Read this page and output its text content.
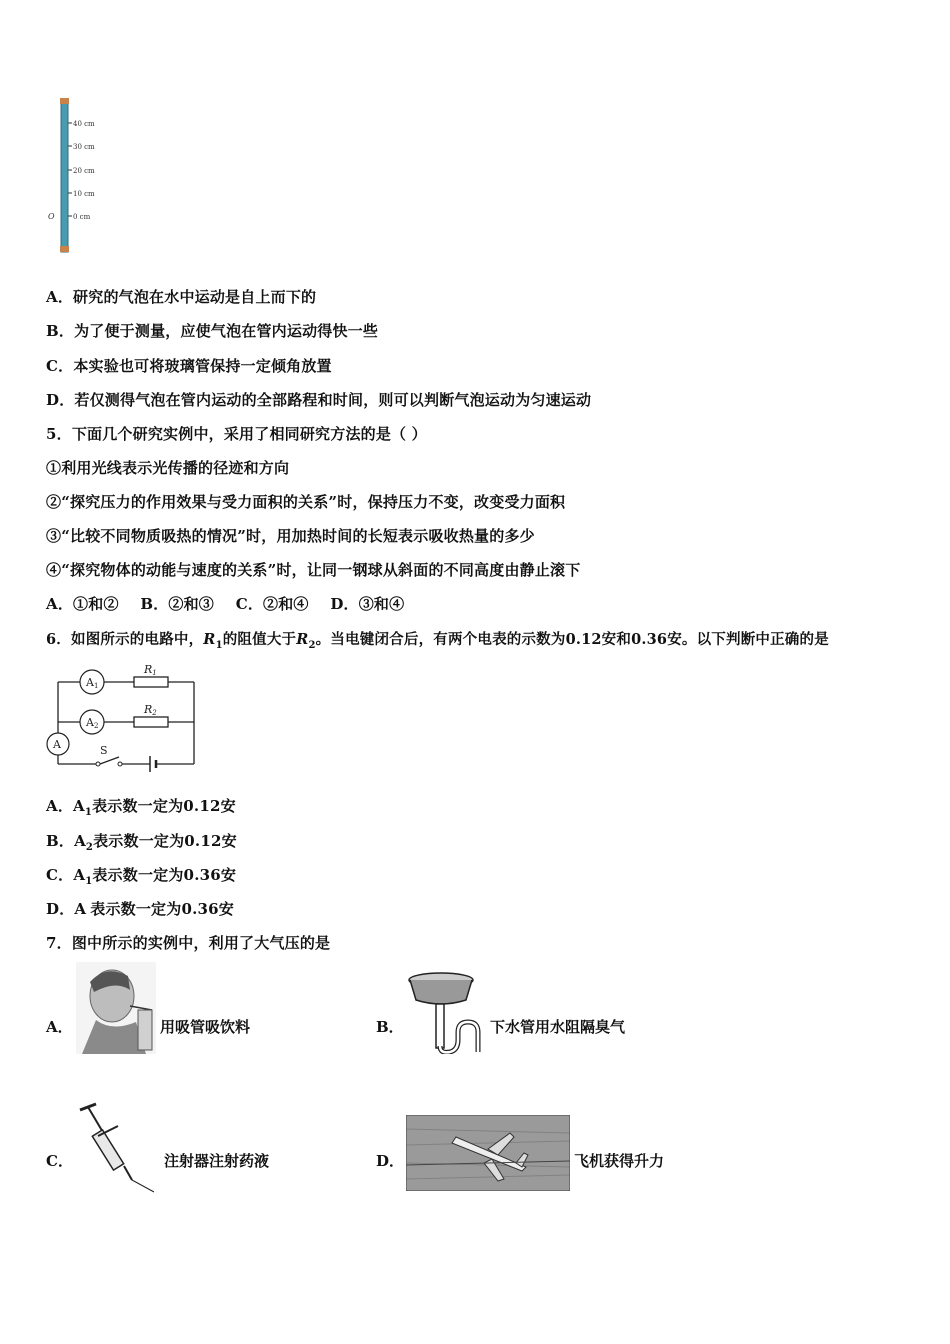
40 cm
30 cm
20 cm
10 cm
0 cm
O
A．研究的气泡在水中运动是自上而下的
B．为了便于测量，应使气泡在管内运动得快一些
C．本实验也可将玻璃管保持一定倾角放置
D．若仅测得气泡在管内运动的全部路程和时间，则可以判断气泡运动为匀速运动
5．下面几个研究实例中，采用了相同研究方法的是（ ）
①利用光线表示光传播的径迹和方向
②“探究压力的作用效果与受力面积的关系”时，保持压力不变，改变受力面积
③“比较不同物质吸热的情况”时，用加热时间的长短表示吸收热量的多少
④“探究物体的动能与速度的关系”时，让同一钢球从斜面的不同高度由静止滚下
A．①和②    B．②和③    C．②和④    D．③和④
6．如图所示的电路中，$R_1$的阻值大于$R_2$。当电键闭合后，有两个电表的示数为0.12安和0.36安。以下判断中正确的是
A1
A2
A
R1
R2
S
A．$A_1$表示数一定为0.12安
B．$A_2$表示数一定为0.12安
C．$A_1$表示数一定为0.36安
D．A 表示数一定为0.36安
7．图中所示的实例中，利用了大气压的是
A．	用吸管吸饮料	B．	下水管用水阻隔臭气
C．	注射器注射药液	D．	飞机获得升力
